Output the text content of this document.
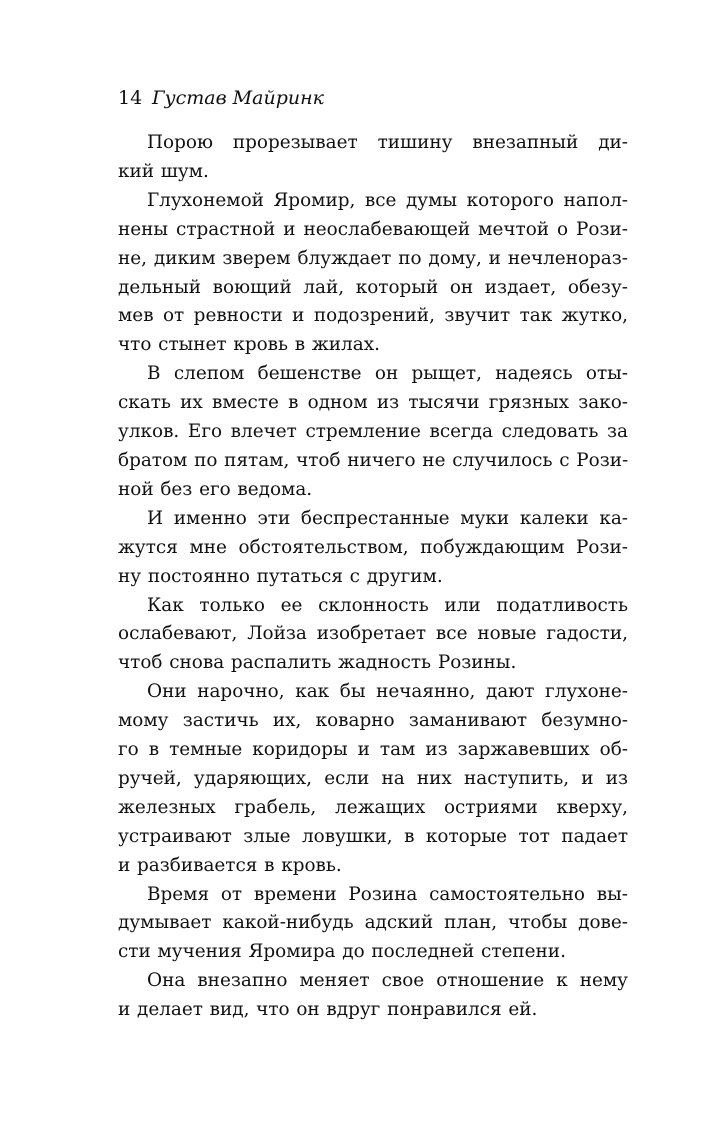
14 Густав Майринк
Порою прорезывает тишину внезапный ди-
кий шум.
Глухонемой Яромир, все думы которого напол-
нены страстной и неослабевающей мечтой о Рози-
не, диким зверем блуждает по дому, и нечленораз-
дельный воющий лай, который он издает, обезу-
мев от ревности и подозрений, звучит так жутко,
что стынет кровь в жилах.
В слепом бешенстве он рыщет, надеясь оты-
скать их вместе в одном из тысячи грязных зако-
улков. Его влечет стремление всегда следовать за
братом по пятам, чтоб ничего не случилось с Рози-
ной без его ведома.
И именно эти беспрестанные муки калеки ка-
жутся мне обстоятельством, побуждающим Рози-
ну постоянно путаться с другим.
Как только ее склонность или податливость
ослабевают, Лойза изобретает все новые гадости,
чтоб снова распалить жадность Розины.
Они нарочно, как бы нечаянно, дают глухоне-
мому застичь их, коварно заманивают безумно-
го в темные коридоры и там из заржавевших об-
ручей, ударяющих, если на них наступить, и из
железных грабель, лежащих остриями кверху,
устраивают злые ловушки, в которые тот падает
и разбивается в кровь.
Время от времени Розина самостоятельно вы-
думывает какой-нибудь адский план, чтобы дове-
сти мучения Яромира до последней степени.
Она внезапно меняет свое отношение к нему
и делает вид, что он вдруг понравился ей.
